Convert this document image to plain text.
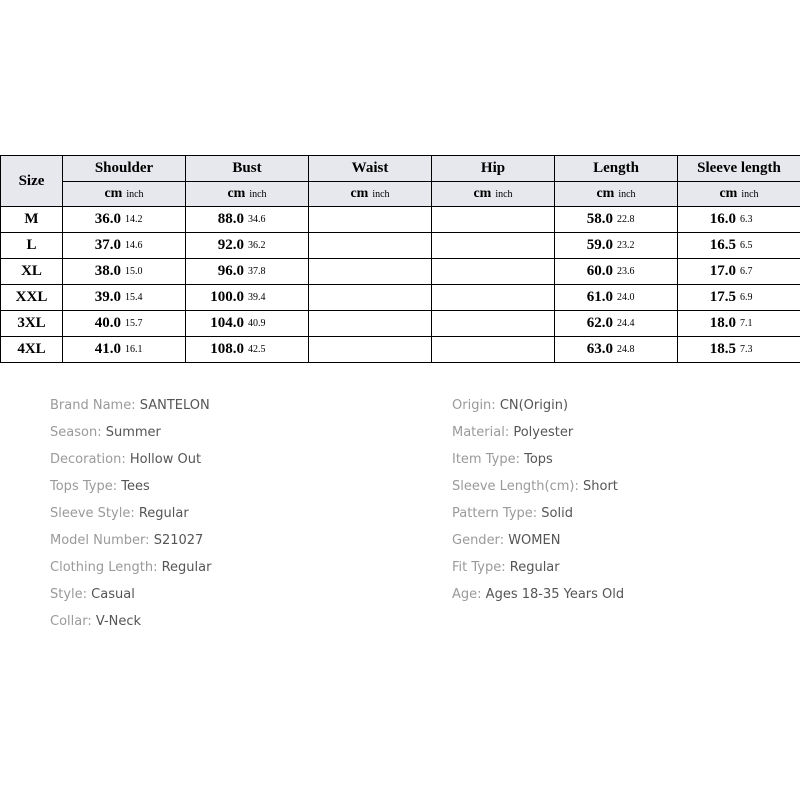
Size	Shoulder	Bust	Waist	Hip	Length	Sleeve length

	cm inch	cm inch	cm inch	cm inch	cm inch	cm inch

M	36.0 14.2	88.0 34.6			58.0 22.8	16.0 6.3

L	37.0 14.6	92.0 36.2			59.0 23.2	16.5 6.5

XL	38.0 15.0	96.0 37.8			60.0 23.6	17.0 6.7

XXL	39.0 15.4	100.0 39.4			61.0 24.0	17.5 6.9

3XL	40.0 15.7	104.0 40.9			62.0 24.4	18.0 7.1

4XL	41.0 16.1	108.0 42.5			63.0 24.8	18.5 7.3
Brand Name: SANTELON
Season: Summer
Decoration: Hollow Out
Tops Type: Tees
Sleeve Style: Regular
Model Number: S21027
Clothing Length: Regular
Style: Casual
Collar: V-Neck
Origin: CN(Origin)
Material: Polyester
Item Type: Tops
Sleeve Length(cm): Short
Pattern Type: Solid
Gender: WOMEN
Fit Type: Regular
Age: Ages 18-35 Years Old
